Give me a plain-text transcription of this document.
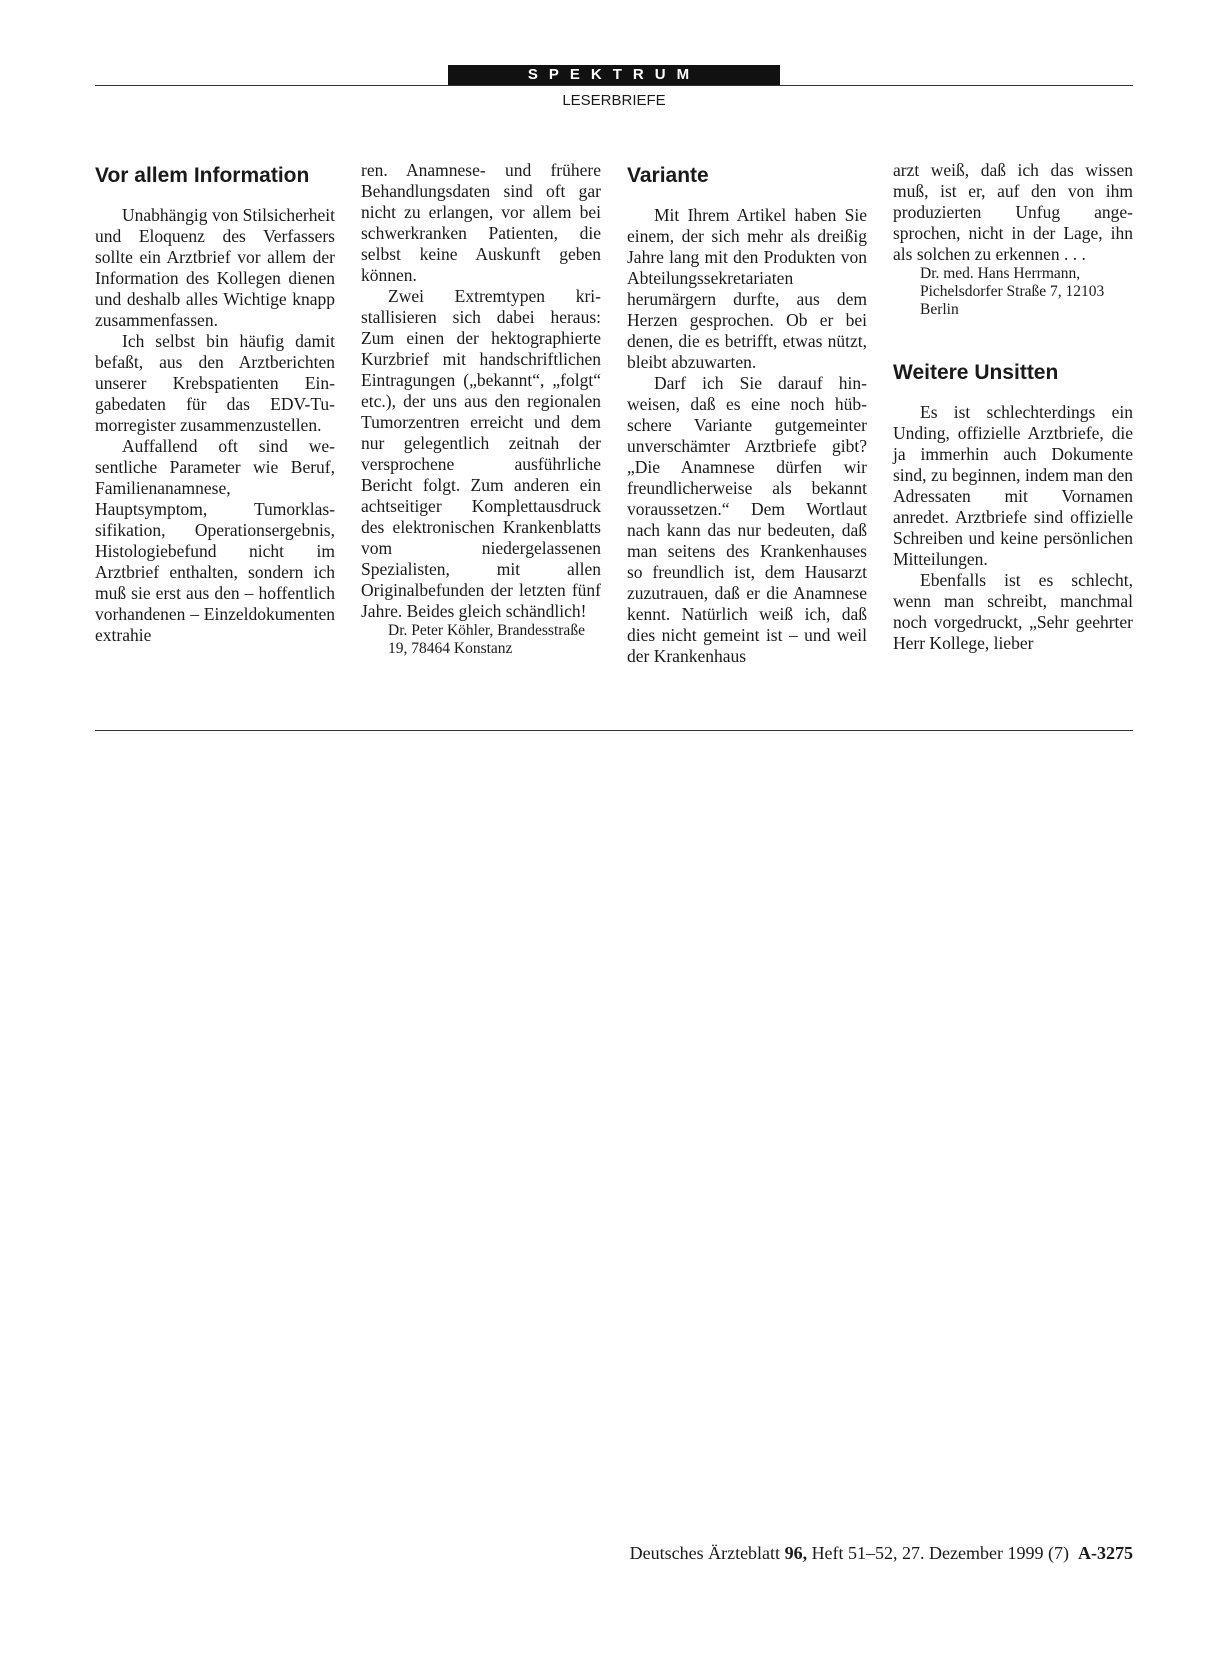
SPEKTRUM
LESERBRIEFE
Vor allem Information

Unabhängig von Stilsicherheit und Eloquenz des Verfassers sollte ein Arztbrief vor allem der Information des Kollegen dienen und deshalb alles Wichtige knapp zusammenfassen.

Ich selbst bin häufig damit befaßt, aus den Arztberichten unserer Krebspatienten Eingabedaten für das EDV-Tumorregister zusammenzustellen.

Auffallend oft sind wesentliche Parameter wie Beruf, Familienanamnese, Hauptsymptom, Tumorklassifikation, Operationsergebnis, Histologiebefund nicht im Arztbrief enthalten, sondern ich muß sie erst aus den – hoffentlich vorhandenen – Einzeldokumenten extrahie

ren. Anamnese- und frühere Behandlungsdaten sind oft gar nicht zu erlangen, vor allem bei schwerkranken Patienten, die selbst keine Auskunft geben können.

Zwei Extremtypen kristallisieren sich dabei heraus: Zum einen der hektographierte Kurzbrief mit handschriftlichen Eintragungen („bekannt“, „folgt“ etc.), der uns aus den regionalen Tumorzentren erreicht und dem nur gelegentlich zeitnah der versprochene ausführliche Bericht folgt. Zum anderen ein achtseitiger Komplettausdruck des elektronischen Krankenblatts vom niedergelassenen Spezialisten, mit allen Originalbefunden der letzten fünf Jahre. Beides gleich schändlich!

Dr. Peter Köhler, Brandesstraße 19, 78464 Konstanz

Variante

Mit Ihrem Artikel haben Sie einem, der sich mehr als dreißig Jahre lang mit den Produkten von Abteilungssekretariaten herumärgern durfte, aus dem Herzen gesprochen. Ob er bei denen, die es betrifft, etwas nützt, bleibt abzuwarten.

Darf ich Sie darauf hinweisen, daß es eine noch hübschere Variante gutgemeinter unverschämter Arztbriefe gibt? „Die Anamnese dürfen wir freundlicherweise als bekannt voraussetzen.“ Dem Wortlaut nach kann das nur bedeuten, daß man seitens des Krankenhauses so freundlich ist, dem Hausarzt zuzutrauen, daß er die Anamnese kennt. Natürlich weiß ich, daß dies nicht gemeint ist – und weil der Krankenhaus

arzt weiß, daß ich das wissen muß, ist er, auf den von ihm produzierten Unfug angesprochen, nicht in der Lage, ihn als solchen zu erkennen . . .

Dr. med. Hans Herrmann, Pichelsdorfer Straße 7, 12103 Berlin

Weitere Unsitten

Es ist schlechterdings ein Unding, offizielle Arztbriefe, die ja immerhin auch Dokumente sind, zu beginnen, indem man den Adressaten mit Vornamen anredet. Arztbriefe sind offizielle Schreiben und keine persönlichen Mitteilungen.

Ebenfalls ist es schlecht, wenn man schreibt, manchmal noch vorgedruckt, „Sehr geehrter Herr Kollege, lieber

Deutsches Ärzteblatt 96, Heft 51–52, 27. Dezember 1999 (7) A-3275
